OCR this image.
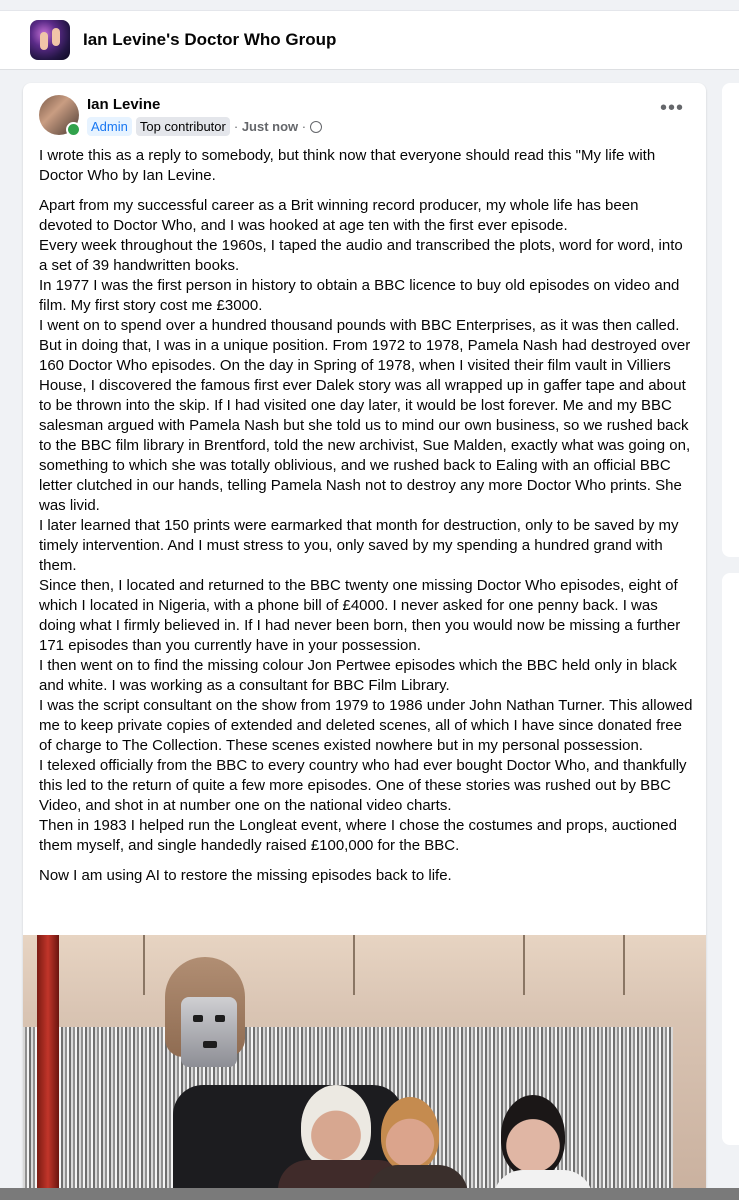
Ian Levine's Doctor Who Group
Ian Levine
Admin Top contributor ·
Just now
·
•••

I wrote this as a reply to somebody, but think now that everyone should read this "My life with Doctor Who by Ian Levine.

Apart from my successful career as a Brit winning record producer, my whole life has been devoted to Doctor Who, and I was hooked at age ten with the first ever episode.

Every week throughout the 1960s, I taped the audio and transcribed the plots, word for word, into a set of 39 handwritten books.

In 1977 I was the first person in history to obtain a BBC licence to buy old episodes on video and film. My first story cost me £3000.

I went on to spend over a hundred thousand pounds with BBC Enterprises, as it was then called.

But in doing that, I was in a unique position. From 1972 to 1978, Pamela Nash had destroyed over 160 Doctor Who episodes. On the day in Spring of 1978, when I visited their film vault in Villiers House, I discovered the famous first ever Dalek story was all wrapped up in gaffer tape and about to be thrown into the skip. If I had visited one day later, it would be lost forever. Me and my BBC salesman argued with Pamela Nash but she told us to mind our own business, so we rushed back to the BBC film library in Brentford, told the new archivist, Sue Malden, exactly what was going on, something to which she was totally oblivious, and we rushed back to Ealing with an official BBC letter clutched in our hands, telling Pamela Nash not to destroy any more Doctor Who prints. She was livid.

I later learned that 150 prints were earmarked that month for destruction, only to be saved by my timely intervention. And I must stress to you, only saved by my spending a hundred grand with them.

Since then, I located and returned to the BBC twenty one missing Doctor Who episodes, eight of which I located in Nigeria, with a phone bill of £4000. I never asked for one penny back. I was doing what I firmly believed in. If I had never been born, then you would now be missing a further 171 episodes than you currently have in your possession.

I then went on to find the missing colour Jon Pertwee episodes which the BBC held only in black and white. I was working as a consultant for BBC Film Library.

I was the script consultant on the show from 1979 to 1986 under John Nathan Turner. This allowed me to keep private copies of extended and deleted scenes, all of which I have since donated free of charge to The Collection. These scenes existed nowhere but in my personal possession.

I telexed officially from the BBC to every country who had ever bought Doctor Who, and thankfully this led to the return of quite a few more episodes. One of these stories was rushed out by BBC Video, and shot in at number one on the national video charts.

Then in 1983 I helped run the Longleat event, where I chose the costumes and props, auctioned them myself, and single handedly raised £100,000 for the BBC.

Now I am using AI to restore the missing episodes back to life.
